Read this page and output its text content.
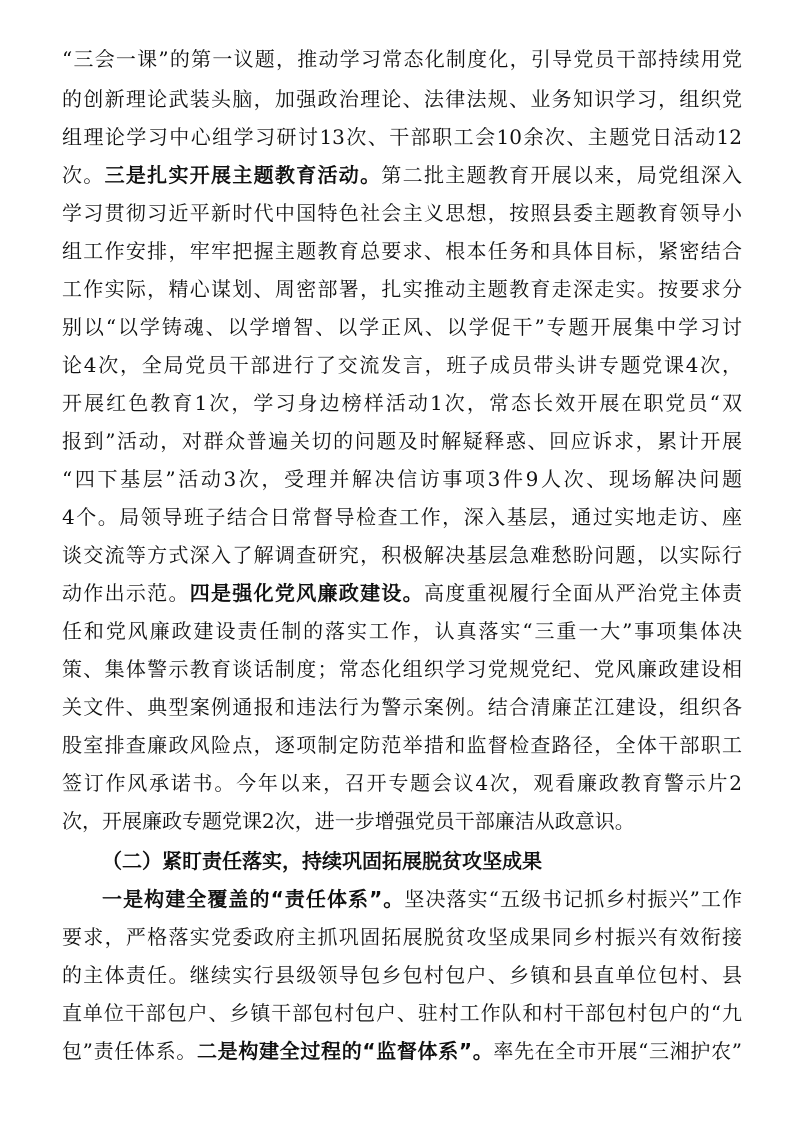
“三会一课”的第一议题，推动学习常态化制度化，引导党员干部持续用党
的创新理论武装头脑，加强政治理论、法律法规、业务知识学习，组织党
组理论学习中心组学习研讨13次、干部职工会10余次、主题党日活动12
次。三是扎实开展主题教育活动。第二批主题教育开展以来，局党组深入
学习贯彻习近平新时代中国特色社会主义思想，按照县委主题教育领导小
组工作安排，牢牢把握主题教育总要求、根本任务和具体目标，紧密结合
工作实际，精心谋划、周密部署，扎实推动主题教育走深走实。按要求分
别以“以学铸魂、以学增智、以学正风、以学促干”专题开展集中学习讨
论4次，全局党员干部进行了交流发言，班子成员带头讲专题党课4次，
开展红色教育1次，学习身边榜样活动1次，常态长效开展在职党员“双
报到”活动，对群众普遍关切的问题及时解疑释惑、回应诉求，累计开展
“四下基层”活动3次，受理并解决信访事项3件9人次、现场解决问题
4个。局领导班子结合日常督导检查工作，深入基层，通过实地走访、座
谈交流等方式深入了解调查研究，积极解决基层急难愁盼问题，以实际行
动作出示范。四是强化党风廉政建设。高度重视履行全面从严治党主体责
任和党风廉政建设责任制的落实工作，认真落实“三重一大”事项集体决
策、集体警示教育谈话制度；常态化组织学习党规党纪、党风廉政建设相
关文件、典型案例通报和违法行为警示案例。结合清廉芷江建设，组织各
股室排查廉政风险点，逐项制定防范举措和监督检查路径，全体干部职工
签订作风承诺书。今年以来，召开专题会议4次，观看廉政教育警示片2
次，开展廉政专题党课2次，进一步增强党员干部廉洁从政意识。
（二）紧盯责任落实，持续巩固拓展脱贫攻坚成果
一是构建全覆盖的“责任体系”。坚决落实“五级书记抓乡村振兴”工作
要求，严格落实党委政府主抓巩固拓展脱贫攻坚成果同乡村振兴有效衔接
的主体责任。继续实行县级领导包乡包村包户、乡镇和县直单位包村、县
直单位干部包户、乡镇干部包村包户、驻村工作队和村干部包村包户的“九
包”责任体系。二是构建全过程的“监督体系”。率先在全市开展“三湘护农”
